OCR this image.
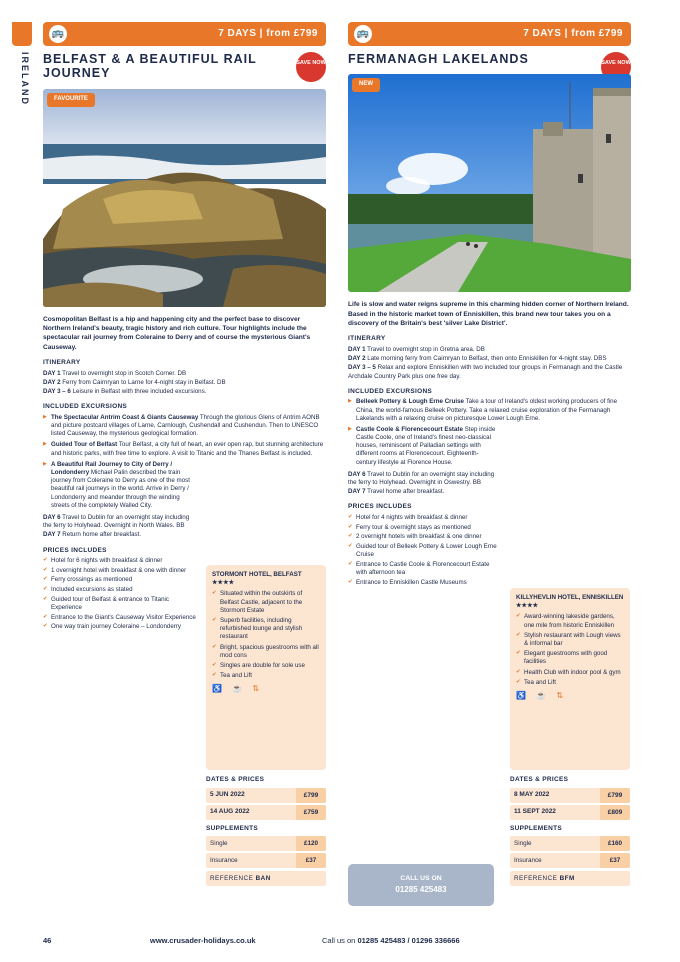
IRELAND
🚌	7 DAYS | from £799
BELFAST & A BEAUTIFUL RAIL JOURNEY
SAVE NOW
FAVOURITE
Cosmopolitan Belfast is a hip and happening city and the perfect base to discover Northern Ireland's beauty, tragic history and rich culture. Tour highlights include the spectacular rail journey from Coleraine to Derry and of course the mysterious Giant's Causeway.
ITINERARY

DAY 1 Travel to overnight stop in Scotch Corner. DB

DAY 2 Ferry from Cairnryan to Larne for 4-night stay in Belfast. DB

DAY 3 – 6 Leisure in Belfast with three included excursions.

INCLUDED EXCURSIONS
▶ The Spectacular Antrim Coast & Giants Causeway Through the glorious Glens of Antrim AONB and picture postcard villages of Larne, Carnlough, Cushendall and Cushendun. Then to UNESCO listed Causeway, the mysterious geological formation.
▶ Guided Tour of Belfast Tour Belfast, a city full of heart, an ever open rap, but stunning architecture and historic parks, with free time to explore. A visit to Titanic and the Thanes Belfast is included.
▶ A Beautiful Rail Journey to City of Derry / Londonderry Michael Palin described the train journey from Coleraine to Derry as one of the most beautiful rail journeys in the world. Arrive in Derry / Londonderry and meander through the winding streets of the completely Walled City.

DAY 6 Travel to Dublin for an overnight stay including the ferry to Holyhead. Overnight in North Wales. BB

DAY 7 Return home after breakfast.

PRICES INCLUDES
✔ Hotel for 6 nights with breakfast & dinner
✔ 1 overnight hotel with breakfast & one with dinner
✔ Ferry crossings as mentioned
✔ Included excursions as stated
✔ Guided tour of Belfast & entrance to Titanic Experience
✔ Entrance to the Giant's Causeway Visitor Experience
✔ One way train journey Coleraine – Londonderry
STORMONT HOTEL, BELFAST ★★★★
✔ Situated within the outskirts of Belfast Castle, adjacent to the Stormont Estate
✔ Superb facilities, including refurbished lounge and stylish restaurant
✔ Bright, spacious guestrooms with all mod cons
✔ Singles are double for sole use
✔ Tea and Lift
♿ ☕ ⇅
DATES & PRICES
5 JUN 2022	£799
14 AUG 2022	£759
SUPPLEMENTS
Single	£120
Insurance	£37
REFERENCE BAN
🚌	7 DAYS | from £799
FERMANAGH LAKELANDS	SAVE NOW
NEW
Life is slow and water reigns supreme in this charming hidden corner of Northern Ireland. Based in the historic market town of Enniskillen, this brand new tour takes you on a discovery of the Britain's best 'silver Lake District'.
ITINERARY

DAY 1 Travel to overnight stop in Gretna area. DB

DAY 2 Late morning ferry from Cairnryan to Belfast, then onto Enniskillen for 4-night stay. DBS

DAY 3 – 5 Relax and explore Enniskillen with two included tour groups in Fermanagh and the Castle Archdale Country Park plus one free day.

INCLUDED EXCURSIONS
▶ Belleek Pottery & Lough Erne Cruise Take a tour of Ireland's oldest working producers of fine China, the world-famous Belleek Pottery. Take a relaxed cruise exploration of the Fermanagh Lakelands with a relaxing cruise on picturesque Lower Lough Erne.
▶ Castle Coole & Florencecourt Estate Step inside Castle Coole, one of Ireland's finest neo-classical houses, reminiscent of Palladian settings with different rooms at Florencecourt. Eighteenth-century lifestyle at Florence House.

DAY 6 Travel to Dublin for an overnight stay including the ferry to Holyhead. Overnight in Oswestry. BB

DAY 7 Travel home after breakfast.

PRICES INCLUDES
✔ Hotel for 4 nights with breakfast & dinner
✔ Ferry tour & overnight stays as mentioned
✔ 2 overnight hotels with breakfast & one dinner
✔ Guided tour of Belleek Pottery & Lower Lough Erne Cruise
✔ Entrance to Castle Coole & Florencecourt Estate with afternoon tea
✔ Entrance to Enniskillen Castle Museums
KILLYHEVLIN HOTEL, ENNISKILLEN ★★★★
✔ Award-winning lakeside gardens, one mile from historic Enniskillen
✔ Stylish restaurant with Lough views & informal bar
✔ Elegant guestrooms with good facilities
✔ Health Club with indoor pool & gym
✔ Tea and Lift
♿ ☕ ⇅
DATES & PRICES
8 MAY 2022	£799
11 SEPT 2022	£809
SUPPLEMENTS
Single	£160
Insurance	£37
REFERENCE BFM
CALL US ON
01285 425483
46	www.crusader-holidays.co.uk	Call us on 01285 425483 / 01296 336666
